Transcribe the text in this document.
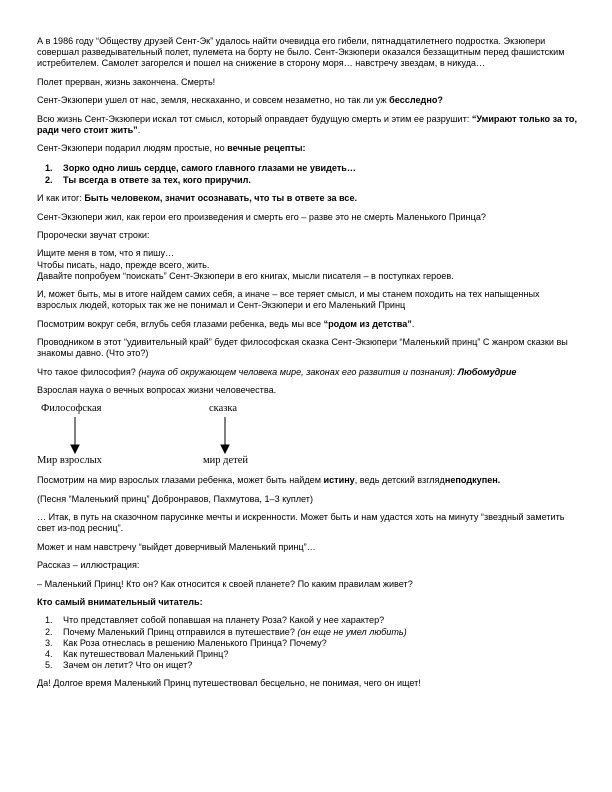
А в 1986 году “Обществу друзей Сент-Эк” удалось найти очевидца его гибели, пятнадцатилетнего подростка. Экзюпери совершал разведывательный полет, пулемета на борту не было. Сент-Экзюпери оказался беззащитным перед фашистским истребителем. Самолет загорелся и пошел на снижение в сторону моря… навстречу звездам, в никуда…

Полет прерван, жизнь закончена. Смерть!

Сент-Экзюпери ушел от нас, земля, нескаханно, и совсем незаметно, но так ли уж бесследно?

Всю жизнь Сент-Экзюпери искал тот смысл, который оправдает будущую смерть и этим ее разрушит: “Умирают только за то, ради чего стоит жить”.

Сент-Экзюпери подарил людям простые, но вечные рецепты:

1. Зорко одно лишь сердце, самого главного глазами не увидеть…
2. Ты всегда в ответе за тех, кого приручил.

И как итог: Быть человеком, значит осознавать, что ты в ответе за все.

Сент-Экзюпери жил, как герои его произведения и смерть его – разве это не смерть Маленького Принца?

Пророчески звучат строки:

Ищите меня в том, что я пишу…

Чтобы писать, надо, прежде всего, жить.

Давайте попробуем “поискать” Сент-Экзюпери в его книгах, мысли писателя – в поступках героев.

И, может быть, мы в итоге найдем самих себя, а иначе – все теряет смысл, и мы станем походить на тех напыщенных взрослых людей, которых так же не понимал и Сент-Экзюпери и его Маленький Принц

Посмотрим вокруг себя, вглубь себя глазами ребенка, ведь мы все “родом из детства”.

Проводником в этот “удивительный край” будет философская сказка Сент-Экзюпери “Маленький принц” С жанром сказки вы знакомы давно. (Что это?)

Что такое философия? (наука об окружающем человека мире, законах его развития и познания): Любомудрие

Взрослая наука о вечных вопросах жизни человечества.

Философская	сказка
Мир взрослых	мир детей

Посмотрим на мир взрослых глазами ребенка, может быть найдем истину, ведь детский взгляднеподкупен.

(Песня “Маленький принц” Добронравов, Пахмутова, 1–3 куплет)

… Итак, в путь на сказочном парусинке мечты и искренности. Может быть и нам удастся хоть на минуту “звездный заметить свет из-под ресниц”.

Может и нам навстречу “выйдет доверчивый Маленький принц”…

Рассказ – иллюстрация:

– Маленький Принц! Кто он? Как относится к своей планете? По каким правилам живет?

Кто самый внимательный читатель:

1. Что представляет собой попавшая на планету Роза? Какой у нее характер?
2. Почему Маленький Принц отправился в путешествие? (он еще не умел любить)
3. Как Роза отнеслась в решению Маленького Принца? Почему?
4. Как путешествовал Маленький Принц?
5. Зачем он летит? Что он ищет?

Да! Долгое время Маленький Принц путешествовал бесцельно, не понимая, чего он ищет!
